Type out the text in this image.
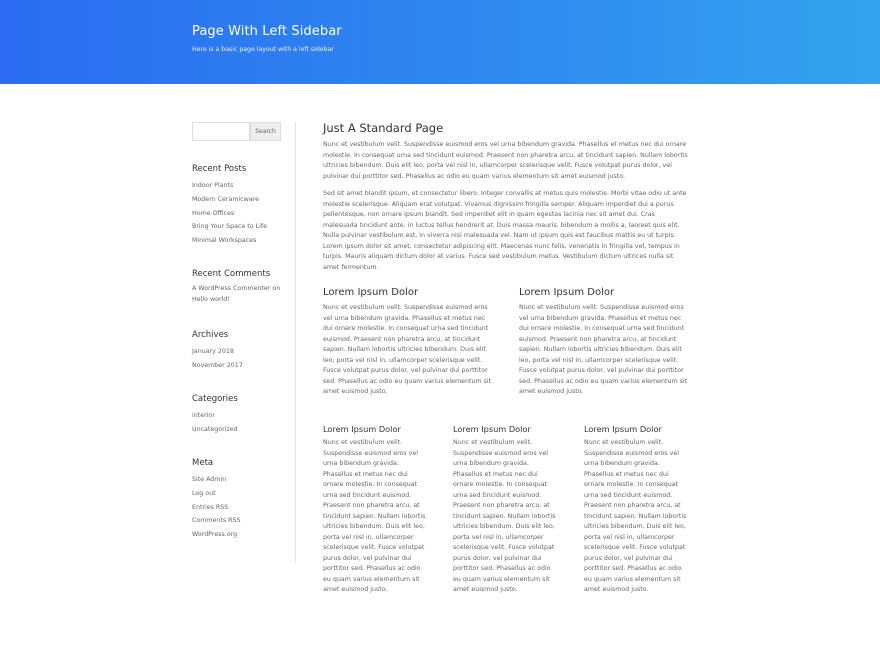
Page With Left Sidebar
Here is a basic page layout with a left sidebar
Search
Recent Posts
Indoor Plants
Modern Ceramicware
Home Offices
Bring Your Space to Life
Minimal Workspaces
Recent Comments
A WordPress Commenter on
Hello world!
Archives
January 2018
November 2017
Categories
interior
Uncategorized
Meta
Site Admin
Log out
Entries RSS
Comments RSS
WordPress.org
Just A Standard Page

Nunc et vestibulum velit. Suspendisse euismod eros vel urna bibendum gravida. Phasellus et metus nec dui ornare molestie. In consequat urna sed tincidunt euismod. Praesent non pharetra arcu, at tincidunt sapien. Nullam lobortis ultricies bibendum. Duis elit leo, porta vel nisl in, ullamcorper scelerisque velit. Fusce volutpat purus dolor, vel pulvinar dui porttitor sed. Phasellus ac odio eu quam varius elementum sit amet euismod justo.

Sed sit amet blandit ipsum, et consectetur libero. Integer convallis at metus quis molestie. Morbi vitae odio ut ante molestie scelerisque. Aliquam erat volutpat. Vivamus dignissim fringilla semper. Aliquam imperdiet dui a purus pellentesque, non ornare ipsum blandit. Sed imperdiet elit in quam egestas lacinia nec sit amet dui. Cras malesuada tincidunt ante, in luctus tellus hendrerit at. Duis massa mauris, bibendum a mollis a, laoreet quis elit. Nulla pulvinar vestibulum est, in viverra nisi malesuada vel. Nam ut ipsum quis est faucibus mattis eu ut turpis. Lorem ipsum dolor sit amet, consectetur adipiscing elit. Maecenas nunc felis, venenatis in fringilla vel, tempus in turpis. Mauris aliquam dictum dolor at varius. Fusce sed vestibulum metus. Vestibulum dictum ultrices nulla sit amet fermentum.

Lorem Ipsum Dolor

Nunc et vestibulum velit. Suspendisse euismod eros vel urna bibendum gravida. Phasellus et metus nec dui ornare molestie. In consequat urna sed tincidunt euismod. Praesent non pharetra arcu, at tincidunt sapien. Nullam lobortis ultricies bibendum. Duis elit leo, porta vel nisl in, ullamcorper scelerisque velit. Fusce volutpat purus dolor, vel pulvinar dui porttitor sed. Phasellus ac odio eu quam varius elementum sit amet euismod justo.

Lorem Ipsum Dolor

Nunc et vestibulum velit. Suspendisse euismod eros vel urna bibendum gravida. Phasellus et metus nec dui ornare molestie. In consequat urna sed tincidunt euismod. Praesent non pharetra arcu, at tincidunt sapien. Nullam lobortis ultricies bibendum. Duis elit leo, porta vel nisl in, ullamcorper scelerisque velit. Fusce volutpat purus dolor, vel pulvinar dui porttitor sed. Phasellus ac odio eu quam varius elementum sit amet euismod justo.

Lorem Ipsum Dolor

Nunc et vestibulum velit. Suspendisse euismod eros vel urna bibendum gravida. Phasellus et metus nec dui ornare molestie. In consequat urna sed tincidunt euismod. Praesent non pharetra arcu, at tincidunt sapien. Nullam lobortis ultricies bibendum. Duis elit leo, porta vel nisl in, ullamcorper scelerisque velit. Fusce volutpat purus dolor, vel pulvinar dui porttitor sed. Phasellus ac odio eu quam varius elementum sit amet euismod justo.

Lorem Ipsum Dolor

Nunc et vestibulum velit. Suspendisse euismod eros vel urna bibendum gravida. Phasellus et metus nec dui ornare molestie. In consequat urna sed tincidunt euismod. Praesent non pharetra arcu, at tincidunt sapien. Nullam lobortis ultricies bibendum. Duis elit leo, porta vel nisl in, ullamcorper scelerisque velit. Fusce volutpat purus dolor, vel pulvinar dui porttitor sed. Phasellus ac odio eu quam varius elementum sit amet euismod justo.

Lorem Ipsum Dolor

Nunc et vestibulum velit. Suspendisse euismod eros vel urna bibendum gravida. Phasellus et metus nec dui ornare molestie. In consequat urna sed tincidunt euismod. Praesent non pharetra arcu, at tincidunt sapien. Nullam lobortis ultricies bibendum. Duis elit leo, porta vel nisl in, ullamcorper scelerisque velit. Fusce volutpat purus dolor, vel pulvinar dui porttitor sed. Phasellus ac odio eu quam varius elementum sit amet euismod justo.
